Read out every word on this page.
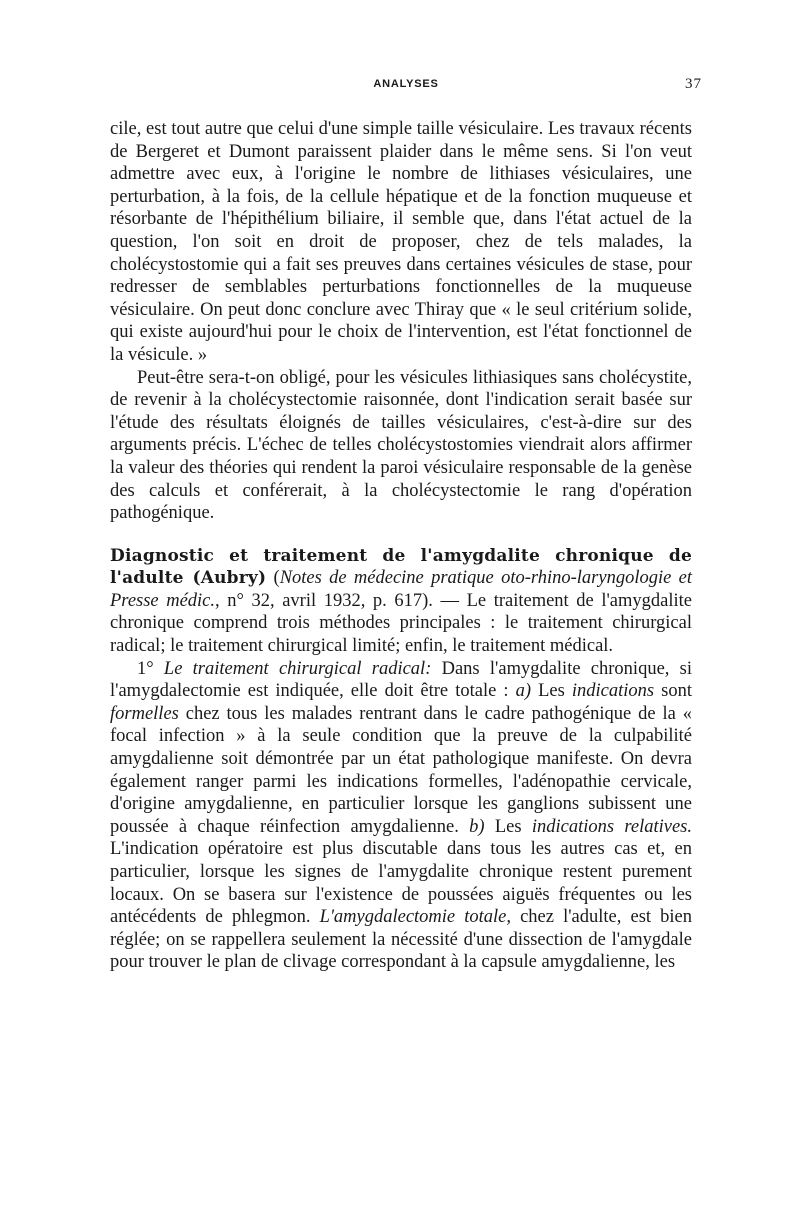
ANALYSES	37

cile, est tout autre que celui d'une simple taille vésiculaire. Les travaux récents de Bergeret et Dumont paraissent plaider dans le même sens. Si l'on veut admettre avec eux, à l'origine le nombre de lithiases vésiculaires, une perturbation, à la fois, de la cellule hépatique et de la fonction muqueuse et résorbante de l'hépithélium biliaire, il semble que, dans l'état actuel de la question, l'on soit en droit de proposer, chez de tels malades, la cholécystostomie qui a fait ses preuves dans certaines vésicules de stase, pour redresser de semblables perturbations fonctionnelles de la muqueuse vésiculaire. On peut donc conclure avec Thiray que « le seul critérium solide, qui existe aujourd'hui pour le choix de l'intervention, est l'état fonctionnel de la vésicule. »

Peut-être sera-t-on obligé, pour les vésicules lithiasiques sans cholécystite, de revenir à la cholécystectomie raisonnée, dont l'indication serait basée sur l'étude des résultats éloignés de tailles vésiculaires, c'est-à-dire sur des arguments précis. L'échec de telles cholécystostomies viendrait alors affirmer la valeur des théories qui rendent la paroi vésiculaire responsable de la genèse des calculs et conférerait, à la cholécystectomie le rang d'opération pathogénique.

Diagnostic et traitement de l'amygdalite chronique de l'adulte (Aubry) (Notes de médecine pratique oto-rhino-laryngologie et Presse médic., n° 32, avril 1932, p. 617). — Le traitement de l'amygdalite chronique comprend trois méthodes principales : le traitement chirurgical radical; le traitement chirurgical limité; enfin, le traitement médical.

1° Le traitement chirurgical radical: Dans l'amygdalite chronique, si l'amygdalectomie est indiquée, elle doit être totale : a) Les indications sont formelles chez tous les malades rentrant dans le cadre pathogénique de la « focal infection » à la seule condition que la preuve de la culpabilité amygdalienne soit démontrée par un état pathologique manifeste. On devra également ranger parmi les indications formelles, l'adénopathie cervicale, d'origine amygdalienne, en particulier lorsque les ganglions subissent une poussée à chaque réinfection amygdalienne. b) Les indications relatives. L'indication opératoire est plus discutable dans tous les autres cas et, en particulier, lorsque les signes de l'amygdalite chronique restent purement locaux. On se basera sur l'existence de poussées aiguës fréquentes ou les antécédents de phlegmon. L'amygdalectomie totale, chez l'adulte, est bien réglée; on se rappellera seulement la nécessité d'une dissection de l'amygdale pour trouver le plan de clivage correspondant à la capsule amygdalienne, les
